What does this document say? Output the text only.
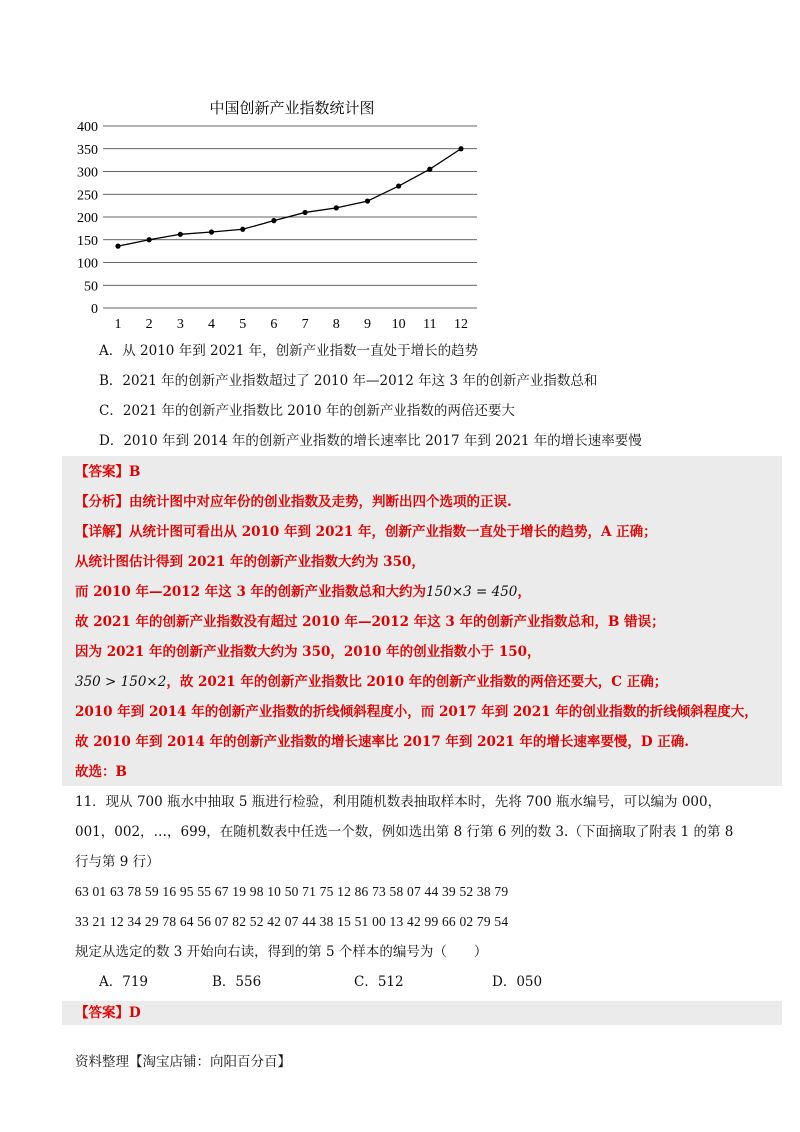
中国创新产业指数统计图
0
50
100
150
200
250
300
350
400
1 2 3 4 5 6 7 8 9 10 11 12
A．从 2010 年到 2021 年，创新产业指数一直处于增长的趋势
B．2021 年的创新产业指数超过了 2010 年—2012 年这 3 年的创新产业指数总和
C．2021 年的创新产业指数比 2010 年的创新产业指数的两倍还要大
D．2010 年到 2014 年的创新产业指数的增长速率比 2017 年到 2021 年的增长速率要慢
【答案】B
【分析】由统计图中对应年份的创业指数及走势，判断出四个选项的正误.
【详解】从统计图可看出从 2010 年到 2021 年，创新产业指数一直处于增长的趋势，A 正确；
从统计图估计得到 2021 年的创新产业指数大约为 350，
而 2010 年—2012 年这 3 年的创新产业指数总和大约为150×3 = 450，
故 2021 年的创新产业指数没有超过 2010 年—2012 年这 3 年的创新产业指数总和，B 错误；
因为 2021 年的创新产业指数大约为 350，2010 年的创业指数小于 150，
350 > 150×2，故 2021 年的创新产业指数比 2010 年的创新产业指数的两倍还要大，C 正确；
2010 年到 2014 年的创新产业指数的折线倾斜程度小，而 2017 年到 2021 年的创业指数的折线倾斜程度大，
故 2010 年到 2014 年的创新产业指数的增长速率比 2017 年到 2021 年的增长速率要慢，D 正确.
故选：B
11．现从 700 瓶水中抽取 5 瓶进行检验，利用随机数表抽取样本时，先将 700 瓶水编号，可以编为 000，
001，002，…，699，在随机数表中任选一个数，例如选出第 8 行第 6 列的数 3.（下面摘取了附表 1 的第 8
行与第 9 行）
63 01 63 78 59 16 95 55 67 19 98 10 50 71 75 12 86 73 58 07 44 39 52 38 79
33 21 12 34 29 78 64 56 07 82 52 42 07 44 38 15 51 00 13 42 99 66 02 79 54
规定从选定的数 3 开始向右读，得到的第 5 个样本的编号为（　　）
A．719	B．556	C．512	D．050
【答案】D
资料整理【淘宝店铺：向阳百分百】
